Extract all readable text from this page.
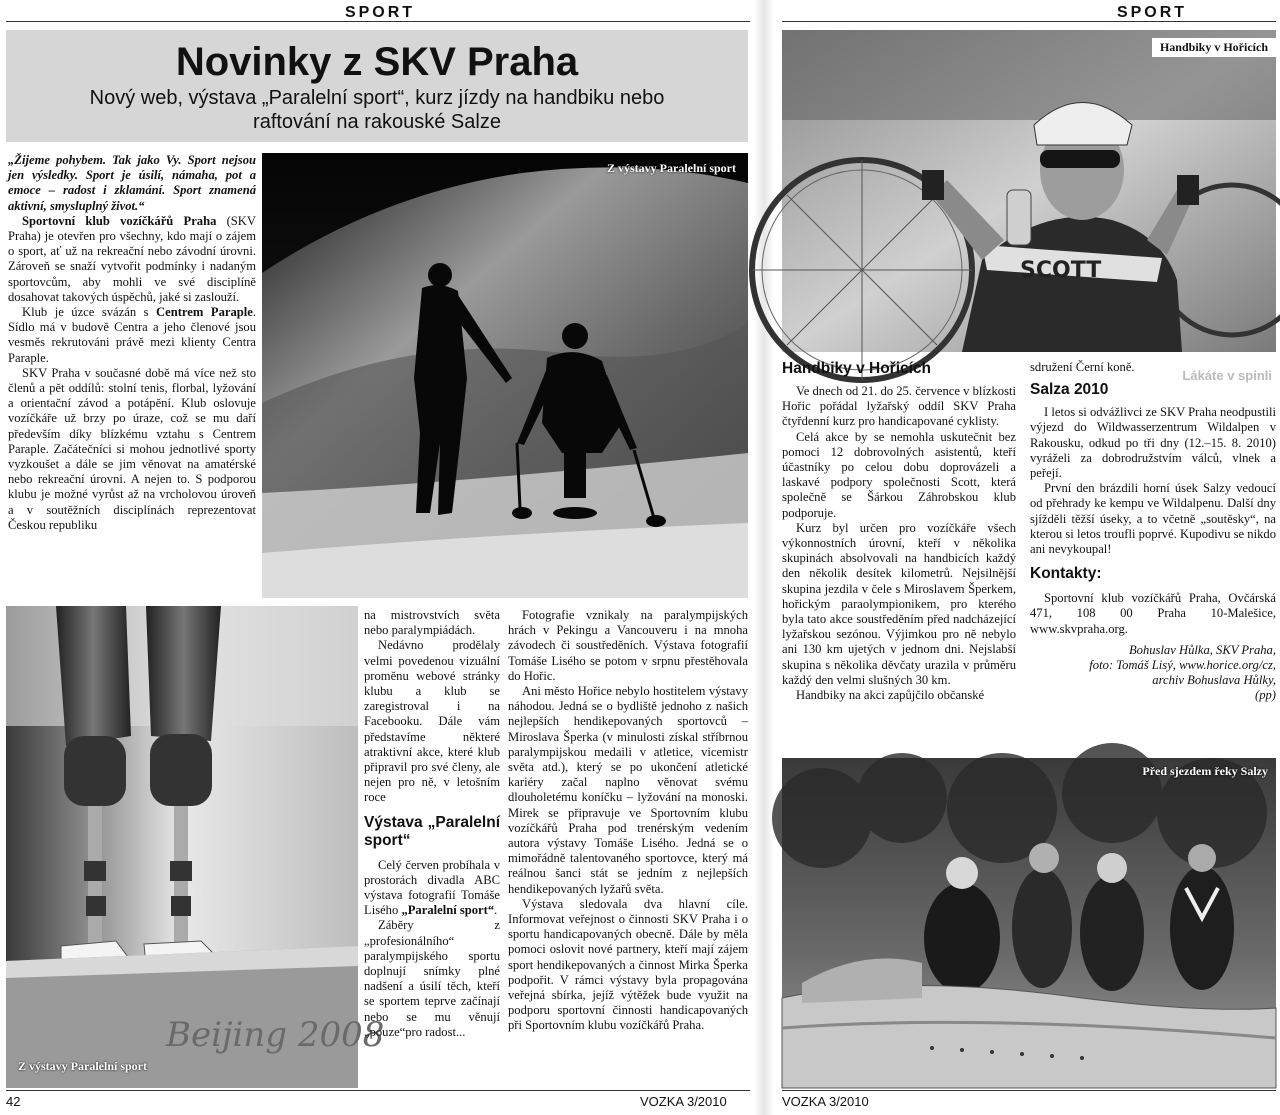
SPORT
Novinky z SKV Praha
Nový web, výstava „Paralelní sport“, kurz jízdy na handbiku nebo raftování na rakouské Salze

„Žijeme pohybem. Tak jako Vy. Sport nejsou jen výsledky. Sport je úsilí, námaha, pot a emoce – radost i zklamání. Sport znamená aktivní, smysluplný život.“

Sportovní klub vozíčkářů Praha (SKV Praha) je otevřen pro všechny, kdo mají o zájem o sport, ať už na rekreační nebo závodní úrovni. Zároveň se snaží vytvořit podmínky i nadaným sportovcům, aby mohli ve své disciplíně dosahovat takových úspěchů, jaké si zaslouží.

Klub je úzce svázán s Centrem Paraple. Sídlo má v budově Centra a jeho členové jsou vesměs rekrutováni právě mezi klienty Centra Paraple.

SKV Praha v současné době má více než sto členů a pět oddílů: stolní tenis, florbal, lyžování a orientační závod a potápění. Klub oslovuje vozíčkáře už brzy po úraze, což se mu daří především díky blízkému vztahu s Centrem Paraple. Začátečníci si mohou jednotlivé sporty vyzkoušet a dále se jim věnovat na amatérské nebo rekreační úrovni. A nejen to. S podporou klubu je možné vyrůst až na vrcholovou úroveň a v soutěžních disciplínách reprezentovat Českou republiku

Z výstavy Paralelní sport
Beijing 2008
Z výstavy Paralelní sport

na mistrovstvích světa nebo paralympiádách.

Nedávno prodělaly velmi povedenou vizuální proměnu webové stránky klubu a klub se zaregistroval i na Facebooku. Dále vám představíme některé atraktivní akce, které klub připravil pro své členy, ale nejen pro ně, v letošním roce

Výstava „Paralelní sport“

Celý červen probíhala v prostorách divadla ABC výstava fotografií Tomáše Lisého „Paralelní sport“.

Záběry z „profesionálního“ paralympijského sportu doplnují snímky plné nadšení a úsilí těch, kteří se sportem teprve začínají nebo se mu věnují „pouze“pro radost...

Fotografie vznikaly na paralympijských hrách v Pekingu a Vancouveru i na mnoha závodech či soustředěních. Výstava fotografií Tomáše Lisého se potom v srpnu přestěhovala do Hořic.

Ani město Hořice nebylo hostitelem výstavy náhodou. Jedná se o bydliště jednoho z našich nejlepších hendikepovaných sportovců – Miroslava Šperka (v minulosti získal stříbrnou paralympijskou medaili v atletice, vicemistr světa atd.), který se po ukončení atletické kariéry začal naplno věnovat svému dlouholetému koníčku – lyžování na monoski. Mirek se připravuje ve Sportovním klubu vozíčkářů Praha pod trenérským vedením autora výstavy Tomáše Lisého. Jedná se o mimořádně talentovaného sportovce, který má reálnou šanci stát se jedním z nejlepších hendikepovaných lyžařů světa.

Výstava sledovala dva hlavní cíle. Informovat veřejnost o činnosti SKV Praha i o sportu handicapovaných obecně. Dále by měla pomoci oslovit nové partnery, kteří mají zájem sport hendikepovaných a činnost Mirka Šperka podpořit. V rámci výstavy byla propagována veřejná sbírka, jejíž výtěžek bude využit na podporu sportovní činnosti handicapovaných při Sportovním klubu vozíčkářů Praha.

42	VOZKA 3/2010
SPORT
SCOTT
Handbiky v Hořicích
Lákáte v spinli
Handbiky v Hořicích

Ve dnech od 21. do 25. července v blízkosti Hořic pořádal lyžařský oddíl SKV Praha čtyřdenní kurz pro handicapované cyklisty.

Celá akce by se nemohla uskutečnit bez pomoci 12 dobrovolných asistentů, kteří účastníky po celou dobu doprovázeli a laskavé podpory společnosti Scott, která společně se Šárkou Záhrobskou klub podporuje.

Kurz byl určen pro vozíčkáře všech výkonnostních úrovní, kteří v několika skupinách absolvovali na handbicích každý den několik desítek kilometrů. Nejsilnější skupina jezdila v čele s Miroslavem Šperkem, hořickým paraolympionikem, pro kterého byla tato akce soustředěním před nadcházející lyžařskou sezónou. Výjimkou pro ně nebylo ani 130 km ujetých v jednom dni. Nejslabší skupina s několika děvčaty urazila v průměru každý den velmi slušných 30 km.

Handbiky na akci zapůjčilo občanské

sdružení Černí koně.

Salza 2010

I letos si odvážlivci ze SKV Praha neodpustili výjezd do Wildwasserzentrum Wildalpen v Rakousku, odkud po tři dny (12.–15. 8. 2010) vyráželi za dobrodružstvím válců, vlnek a peřejí.

První den brázdili horní úsek Salzy vedoucí od přehrady ke kempu ve Wildalpenu. Další dny sjížděli těžší úseky, a to včetně „soutěsky“, na kterou si letos troufli poprvé. Kupodivu se nikdo ani nevykoupal!

Kontakty:

Sportovní klub vozíčkářů Praha, Ovčárská 471, 108 00 Praha 10-Malešice, www.skvpraha.org.

Bohuslav Hůlka, SKV Praha,
foto: Tomáš Lisý, www.horice.org/cz,
archiv Bohuslava Hůlky,
(pp)
Před sjezdem řeky Salzy
VOZKA 3/2010
